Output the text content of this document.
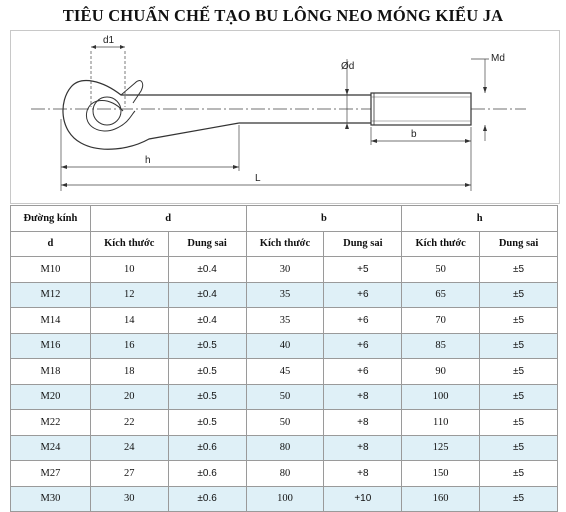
TIÊU CHUẨN CHẾ TẠO BU LÔNG NEO MÓNG KIỂU JA
d1
Ød
Md
b
h
L
Đường kính	d		b		h	
d	Kích thước	Dung sai	Kích thước	Dung sai	Kích thước	Dung sai
M10	10	±0.4	30	+5	50	±5
M12	12	±0.4	35	+6	65	±5
M14	14	±0.4	35	+6	70	±5
M16	16	±0.5	40	+6	85	±5
M18	18	±0.5	45	+6	90	±5
M20	20	±0.5	50	+8	100	±5
M22	22	±0.5	50	+8	110	±5
M24	24	±0.6	80	+8	125	±5
M27	27	±0.6	80	+8	150	±5
M30	30	±0.6	100	+10	160	±5
